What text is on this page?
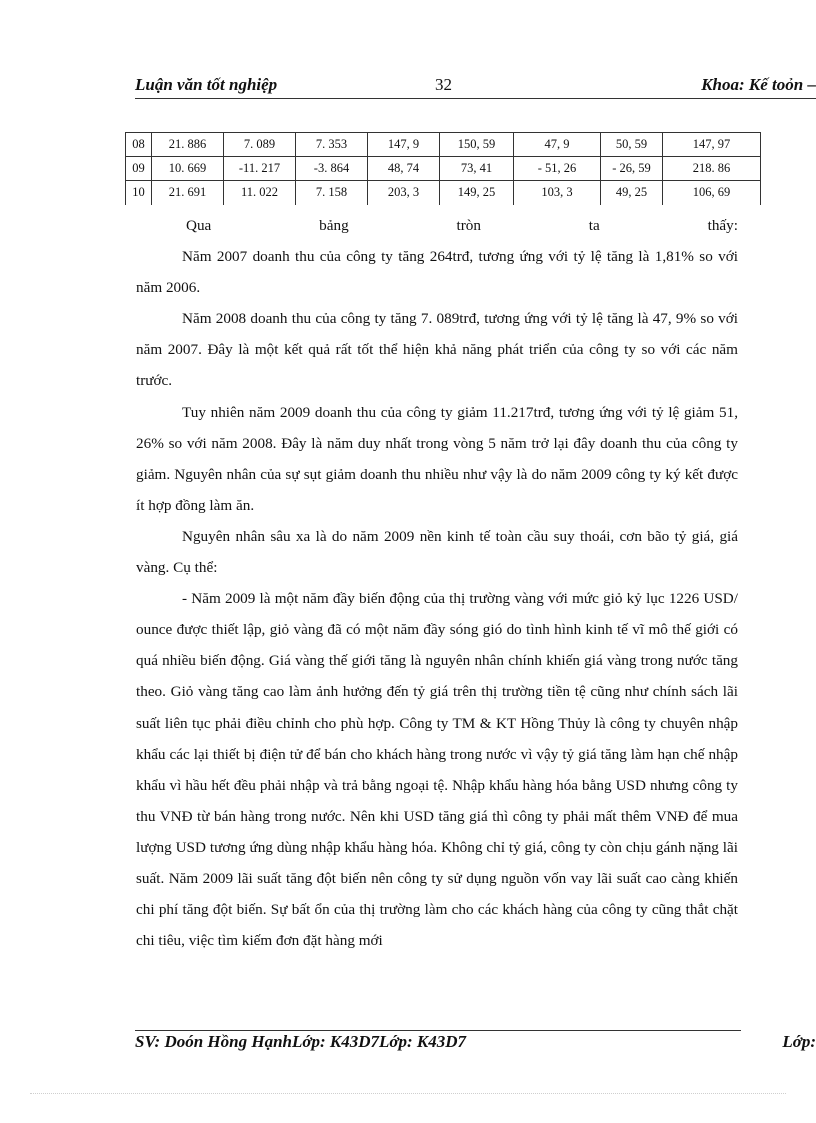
Luận văn tốt nghiệp	32	Khoa: Kế toỏn –
08	21. 886	7. 089	7. 353	147, 9	150, 59	47, 9	50, 59	147, 97
09	10. 669	-11. 217	-3. 864	48, 74	73, 41	- 51, 26	- 26, 59	218. 86
10	21. 691	11. 022	7. 158	203, 3	149, 25	103, 3	49, 25	106, 69
Qua	bảng	tròn	ta	thấy:

Năm 2007 doanh thu của công ty tăng 264trđ, tương ứng với tỷ lệ tăng là 1,81% so với năm 2006.

Năm 2008 doanh thu của công ty tăng 7. 089trđ, tương ứng với tỷ lệ tăng là 47, 9% so với năm 2007. Đây là một kết quả rất tốt thể hiện khả năng phát triển của công ty so với các năm trước.

Tuy nhiên năm 2009 doanh thu của công ty giảm 11.217trđ, tương ứng với tỷ lệ giảm 51, 26% so với năm 2008. Đây là năm duy nhất trong vòng 5 năm trở lại đây doanh thu của công ty giảm. Nguyên nhân của sự sụt giảm doanh thu nhiều như vậy là do năm 2009 công ty ký kết được ít hợp đồng làm ăn.

Nguyên nhân sâu xa là do năm 2009 nền kinh tế toàn cầu suy thoái, cơn bão tỷ giá, giá vàng. Cụ thể:

- Năm 2009 là một năm đầy biến động của thị trường vàng với mức giỏ kỷ lục 1226 USD/ ounce được thiết lập, giỏ vàng đã có một năm đầy sóng gió do tình hình kinh tế vĩ mô thế giới có quá nhiều biến động. Giá vàng thế giới tăng là nguyên nhân chính khiến giá vàng trong nước tăng theo. Giỏ vàng tăng cao làm ảnh hưởng đến tỷ giá trên thị trường tiền tệ cũng như chính sách lãi suất liên tục phải điều chỉnh cho phù hợp. Công ty TM & KT Hồng Thủy là công ty chuyên nhập khẩu các lại thiết bị điện tử để bán cho khách hàng trong nước vì vậy tỷ giá tăng làm hạn chế nhập khẩu vì hầu hết đều phải nhập và trả bằng ngoại tệ. Nhập khẩu hàng hóa bằng USD nhưng công ty thu VNĐ từ bán hàng trong nước. Nên khi USD tăng giá thì công ty phải mất thêm VNĐ để mua lượng USD tương ứng dùng nhập khẩu hàng hóa. Không chỉ tỷ giá, công ty còn chịu gánh nặng lãi suất. Năm 2009 lãi suất tăng đột biến nên công ty sử dụng nguồn vốn vay lãi suất cao càng khiến chi phí tăng đột biến. Sự bất ổn của thị trường làm cho các khách hàng của công ty cũng thắt chặt chi tiêu, việc tìm kiếm đơn đặt hàng mới

SV: Doón Hồng HạnhLớp: K43D7Lớp: K43D7	Lớp:
